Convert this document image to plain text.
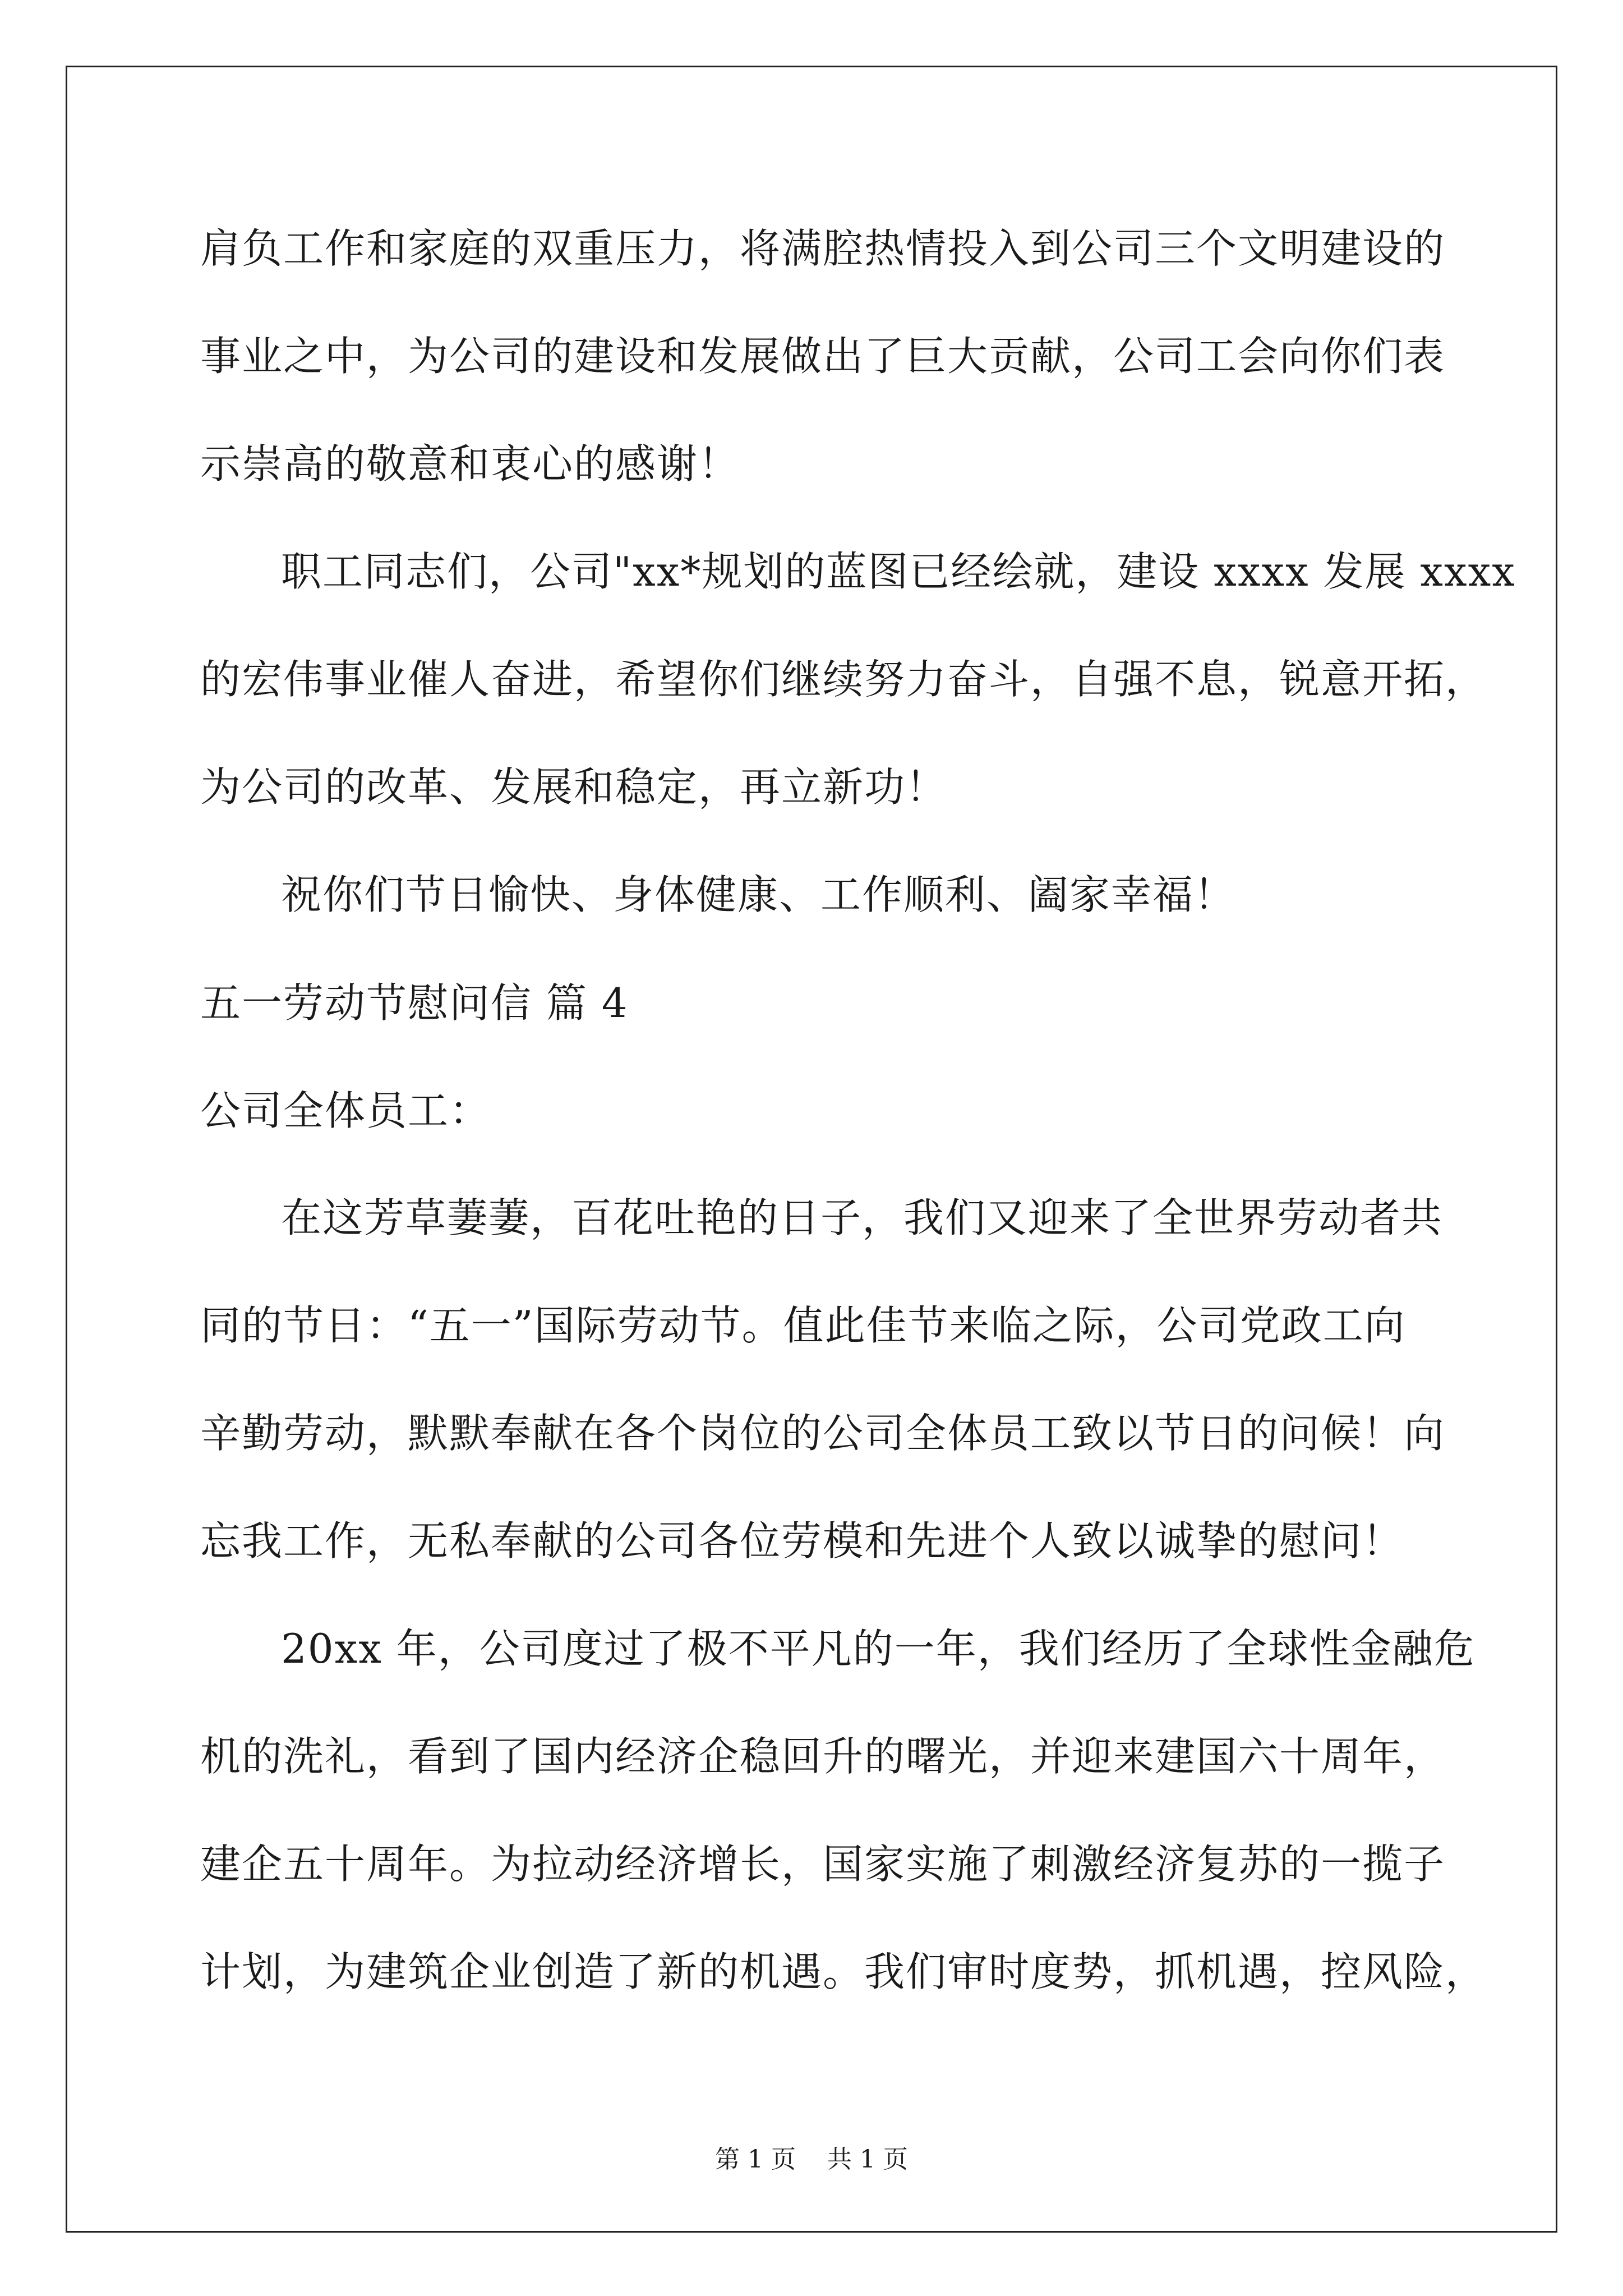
肩负工作和家庭的双重压力，将满腔热情投入到公司三个文明建设的
事业之中，为公司的建设和发展做出了巨大贡献，公司工会向你们表
示崇高的敬意和衷心的感谢！
职工同志们，公司"xx*规划的蓝图已经绘就，建设 xxxx 发展 xxxx
的宏伟事业催人奋进，希望你们继续努力奋斗，自强不息，锐意开拓，
为公司的改革、发展和稳定，再立新功！
祝你们节日愉快、身体健康、工作顺利、阖家幸福！
五一劳动节慰问信 篇 4
公司全体员工：
在这芳草萋萋，百花吐艳的日子，我们又迎来了全世界劳动者共
同的节日：“五一”国际劳动节。值此佳节来临之际，公司党政工向
辛勤劳动，默默奉献在各个岗位的公司全体员工致以节日的问候！向
忘我工作，无私奉献的公司各位劳模和先进个人致以诚挚的慰问！
20xx 年，公司度过了极不平凡的一年，我们经历了全球性金融危
机的洗礼，看到了国内经济企稳回升的曙光，并迎来建国六十周年，
建企五十周年。为拉动经济增长，国家实施了刺激经济复苏的一揽子
计划，为建筑企业创造了新的机遇。我们审时度势，抓机遇，控风险，
第 1 页    共 1 页
